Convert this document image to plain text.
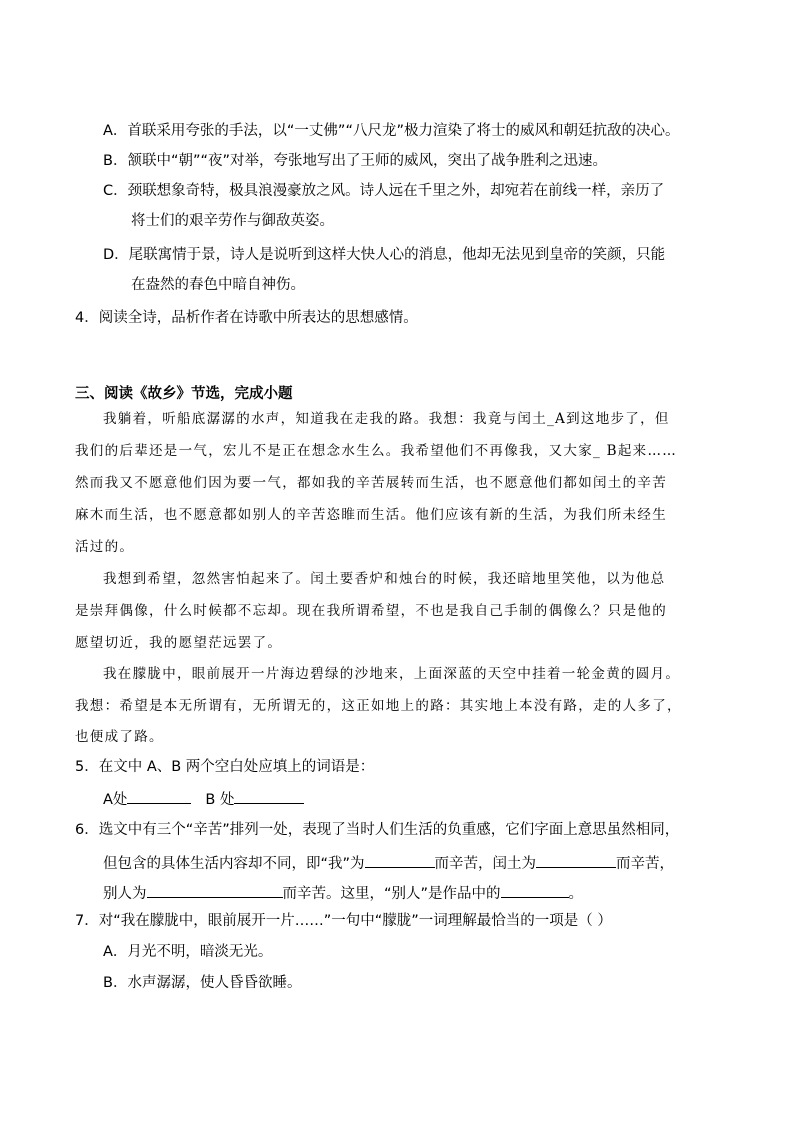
A．首联采用夸张的手法，以“一丈佛”“八尺龙”极力渲染了将士的威风和朝廷抗敌的决心。
B．颔联中“朝”“夜”对举，夸张地写出了王师的威风，突出了战争胜利之迅速。
C．颈联想象奇特，极具浪漫豪放之风。诗人远在千里之外，却宛若在前线一样，亲历了
将士们的艰辛劳作与御敌英姿。
D．尾联寓情于景，诗人是说听到这样大快人心的消息，他却无法见到皇帝的笑颜，只能
在盎然的春色中暗自神伤。
4．阅读全诗，品析作者在诗歌中所表达的思想感情。
三、阅读《故乡》节选，完成小题
我躺着，听船底潺潺的水声，知道我在走我的路。我想：我竟与闰土_A到这地步了，但
我们的后辈还是一气，宏儿不是正在想念水生么。我希望他们不再像我，又大家_ B起来……
然而我又不愿意他们因为要一气，都如我的辛苦展转而生活，也不愿意他们都如闰土的辛苦
麻木而生活，也不愿意都如别人的辛苦恣睢而生活。他们应该有新的生活，为我们所未经生
活过的。
我想到希望，忽然害怕起来了。闰土要香炉和烛台的时候，我还暗地里笑他，以为他总
是崇拜偶像，什么时候都不忘却。现在我所谓希望，不也是我自己手制的偶像么？只是他的
愿望切近，我的愿望茫远罢了。
我在朦胧中，眼前展开一片海边碧绿的沙地来，上面深蓝的天空中挂着一轮金黄的圆月。
我想：希望是本无所谓有，无所谓无的，这正如地上的路：其实地上本没有路，走的人多了，
也便成了路。
5．在文中 A、B 两个空白处应填上的词语是：
A处	B 处
6．选文中有三个“辛苦”排列一处，表现了当时人们生活的负重感，它们字面上意思虽然相同，
但包含的具体生活内容却不同，即“我”为	而辛苦，闰土为	而辛苦，
别人为	而辛苦。这里，“别人”是作品中的	。
7．对“我在朦胧中，眼前展开一片……”一句中“朦胧”一词理解最恰当的一项是（ ）
A．月光不明，暗淡无光。
B．水声潺潺，使人昏昏欲睡。
